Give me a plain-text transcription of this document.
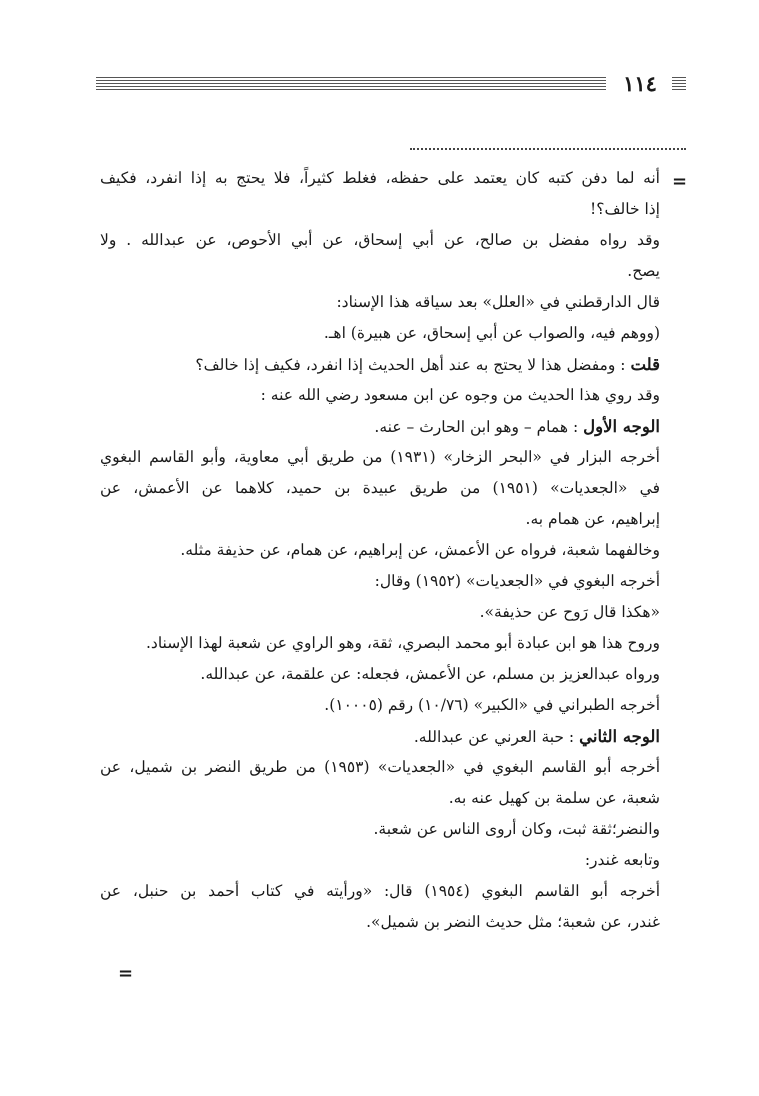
١١٤
=
أنه لما دفن كتبه كان يعتمد على حفظه، فغلط كثيراً، فلا يحتج به إذا انفرد، فكيف
إذا خالف؟!
وقد رواه مفضل بن صالح، عن أبي إسحاق، عن أبي الأحوص، عن عبدالله . ولا
يصح.
قال الدارقطني في «العلل» بعد سياقه هذا الإسناد:
(ووهم فيه، والصواب عن أبي إسحاق، عن هبيرة) اهـ.
قلت : ومفضل هذا لا يحتج به عند أهل الحديث إذا انفرد، فكيف إذا خالف؟
وقد روي هذا الحديث من وجوه عن ابن مسعود رضي الله عنه :
الوجه الأول : همام – وهو ابن الحارث – عنه.
أخرجه البزار في «البحر الزخار» (١٩٣١) من طريق أبي معاوية، وأبو القاسم البغوي
في «الجعديات» (١٩٥١) من طريق عبيدة بن حميد، كلاهما عن الأعمش، عن
إبراهيم، عن همام به.
وخالفهما شعبة، فرواه عن الأعمش، عن إبراهيم، عن همام، عن حذيفة مثله.
أخرجه البغوي في «الجعديات» (١٩٥٢) وقال:
«هكذا قال رَوح عن حذيفة».
وروح هذا هو ابن عبادة أبو محمد البصري، ثقة، وهو الراوي عن شعبة لهذا الإسناد.
ورواه عبدالعزيز بن مسلم، عن الأعمش، فجعله: عن علقمة، عن عبدالله.
أخرجه الطبراني في «الكبير» (١٠/٧٦) رقم (١٠٠٠٥).
الوجه الثاني : حبة العرني عن عبدالله.
أخرجه أبو القاسم البغوي في «الجعديات» (١٩٥٣) من طريق النضر بن شميل، عن
شعبة، عن سلمة بن كهيل عنه به.
والنضر؛ثقة ثبت، وكان أروى الناس عن شعبة.
وتابعه غندر:
أخرجه أبو القاسم البغوي (١٩٥٤) قال: «ورأيته في كتاب أحمد بن حنبل، عن
غندر، عن شعبة؛ مثل حديث النضر بن شميل».
=
